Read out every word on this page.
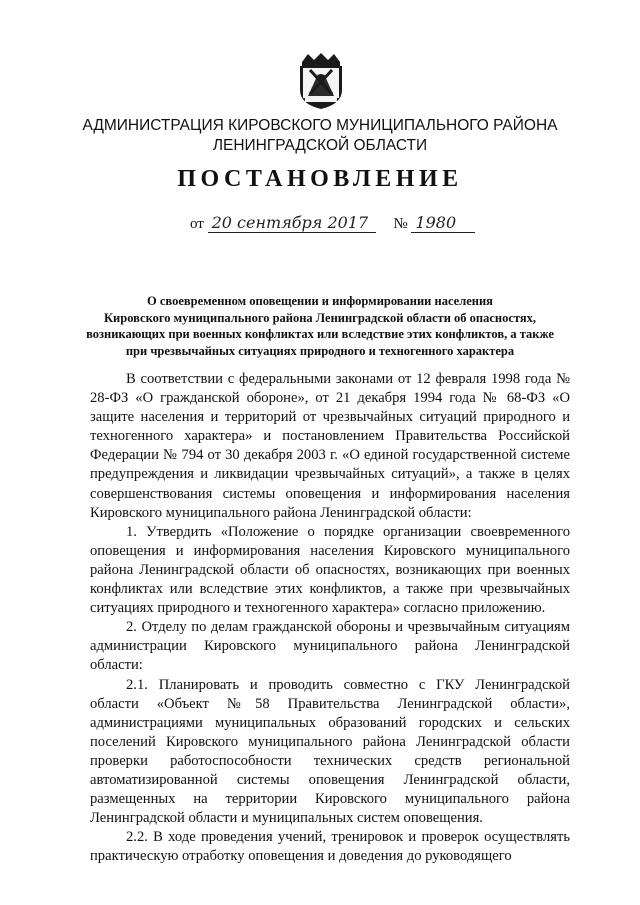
АДМИНИСТРАЦИЯ КИРОВСКОГО МУНИЦИПАЛЬНОГО РАЙОНА
ЛЕНИНГРАДСКОЙ ОБЛАСТИ
ПОСТАНОВЛЕНИЕ
от 20 сентября 2017 № 1980
О своевременном оповещении и информировании населения
Кировского муниципального района Ленинградской области об опасностях,
возникающих при военных конфликтах или вследствие этих конфликтов, а также
при чрезвычайных ситуациях природного и техногенного характера

В соответствии с федеральными законами от 12 февраля 1998 года № 28-ФЗ «О гражданской обороне», от 21 декабря 1994 года № 68-ФЗ «О защите населения и территорий от чрезвычайных ситуаций природного и техногенного характера» и постановлением Правительства Российской Федерации № 794 от 30 декабря 2003 г. «О единой государственной системе предупреждения и ликвидации чрезвычайных ситуаций», а также в целях совершенствования системы оповещения и информирования населения Кировского муниципального района Ленинградской области:

1. Утвердить «Положение о порядке организации своевременного оповещения и информирования населения Кировского муниципального района Ленинградской области об опасностях, возникающих при военных конфликтах или вследствие этих конфликтов, а также при чрезвычайных ситуациях природного и техногенного характера» согласно приложению.

2. Отделу по делам гражданской обороны и чрезвычайным ситуациям администрации Кировского муниципального района Ленинградской области:

2.1. Планировать и проводить совместно с ГКУ Ленинградской области «Объект №58 Правительства Ленинградской области», администрациями муниципальных образований городских и сельских поселений Кировского муниципального района Ленинградской области проверки работоспособности технических средств региональной автоматизированной системы оповещения Ленинградской области, размещенных на территории Кировского муниципального района Ленинградской области и муниципальных систем оповещения.

2.2. В ходе проведения учений, тренировок и проверок осуществлять практическую отработку оповещения и доведения до руководящего
